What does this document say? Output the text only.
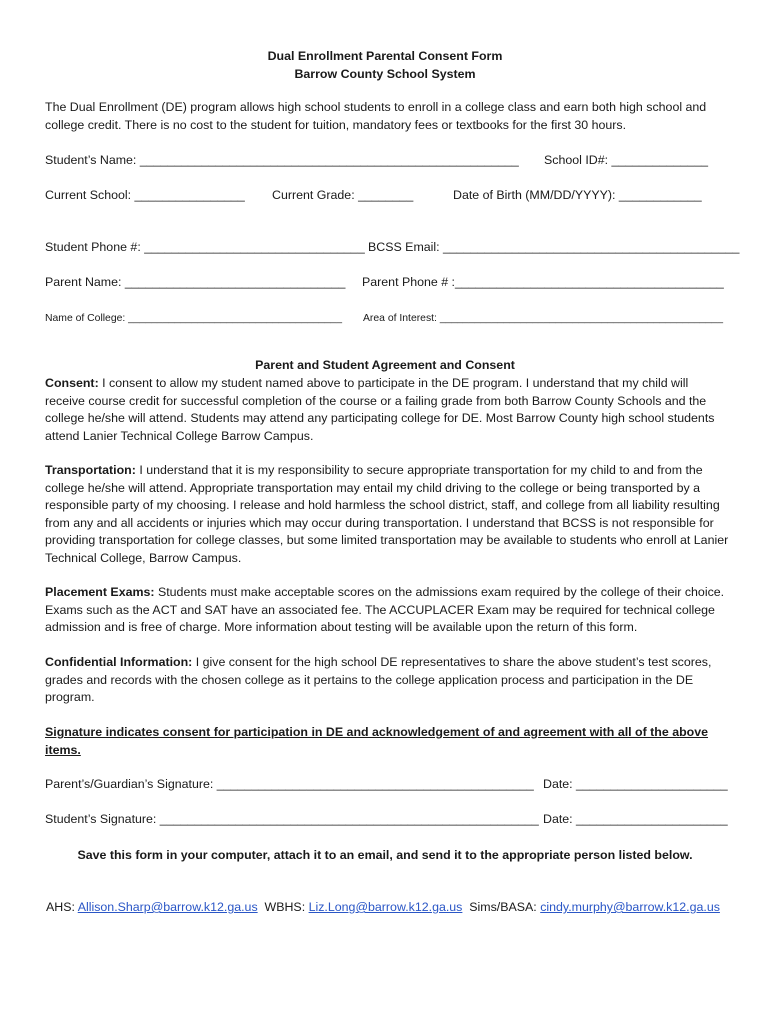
Dual Enrollment Parental Consent Form
Barrow County School System
The Dual Enrollment (DE) program allows high school students to enroll in a college class and earn both high school and college credit. There is no cost to the student for tuition, mandatory fees or textbooks for the first 30 hours.
Student’s Name: _______________________________________________________ School ID#: ______________
Current School: ________________ Current Grade: ________	Date of Birth (MM/DD/YYYY): ____________
Student Phone #: ________________________________ BCSS Email: ___________________________________________
Parent Name: ________________________________ Parent Phone # :_______________________________________
Name of College: _____________________________________ Area of Interest: _________________________________________________
Parent and Student Agreement and Consent
Consent: I consent to allow my student named above to participate in the DE program. I understand that my child will receive course credit for successful completion of the course or a failing grade from both Barrow County Schools and the college he/she will attend. Students may attend any participating college for DE. Most Barrow County high school students attend Lanier Technical College Barrow Campus.
Transportation: I understand that it is my responsibility to secure appropriate transportation for my child to and from the college he/she will attend. Appropriate transportation may entail my child driving to the college or being transported by a responsible party of my choosing. I release and hold harmless the school district, staff, and college from all liability resulting from any and all accidents or injuries which may occur during transportation. I understand that BCSS is not responsible for providing transportation for college classes, but some limited transportation may be available to students who enroll at Lanier Technical College, Barrow Campus.
Placement Exams: Students must make acceptable scores on the admissions exam required by the college of their choice. Exams such as the ACT and SAT have an associated fee. The ACCUPLACER Exam may be required for technical college admission and is free of charge. More information about testing will be available upon the return of this form.
Confidential Information: I give consent for the high school DE representatives to share the above student’s test scores, grades and records with the chosen college as it pertains to the college application process and participation in the DE program.
Signature indicates consent for participation in DE and acknowledgement of and agreement with all of the above items.
Parent’s/Guardian’s Signature: ______________________________________________ Date: ______________________
Student’s Signature: _______________________________________________________ Date: ______________________
Save this form in your computer, attach it to an email, and send it to the appropriate person listed below.
AHS: Allison.Sharp@barrow.k12.ga.us  WBHS: Liz.Long@barrow.k12.ga.us  Sims/BASA: cindy.murphy@barrow.k12.ga.us
